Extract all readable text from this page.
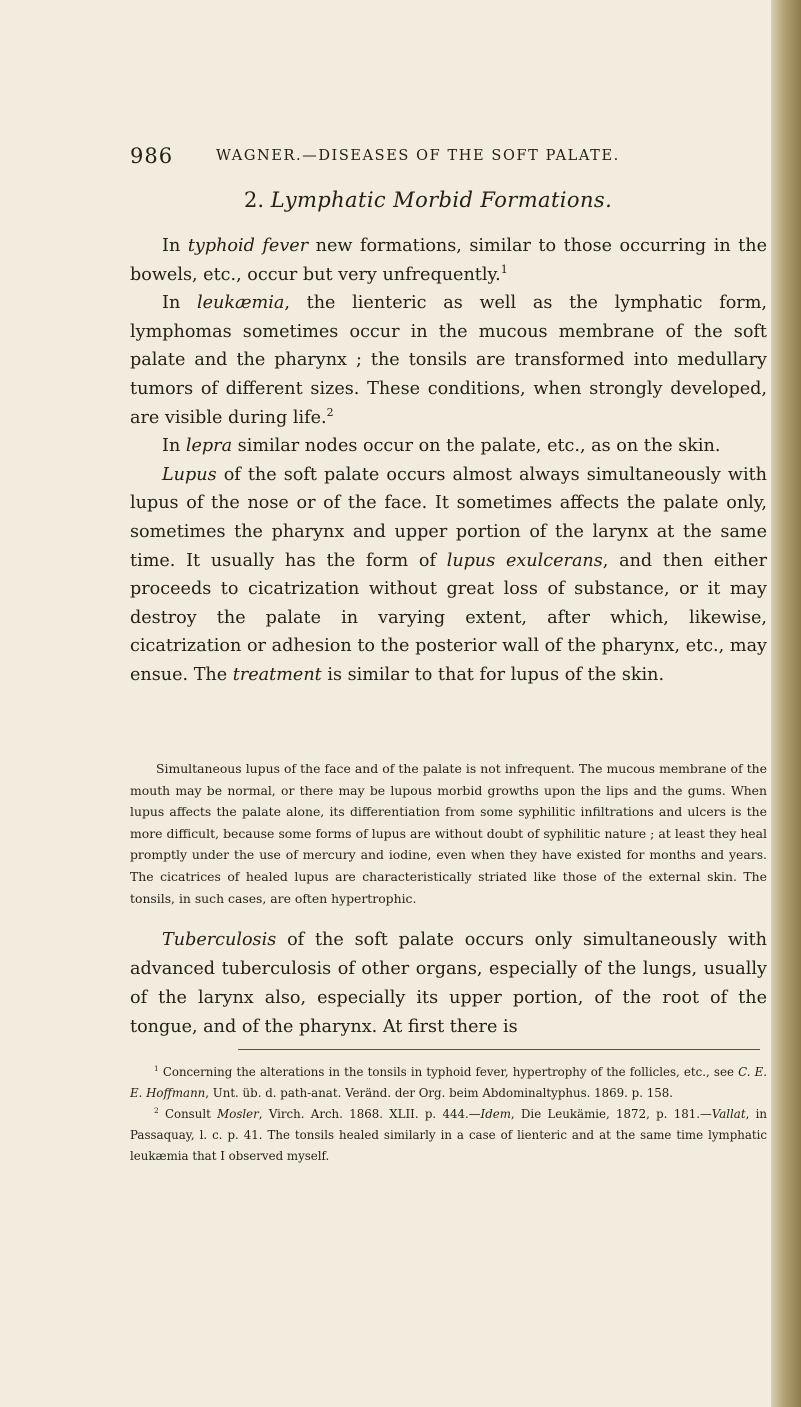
986	WAGNER.—DISEASES OF THE SOFT PALATE.
2. Lymphatic Morbid Formations.

In typhoid fever new formations, similar to those occurring in the bowels, etc., occur but very unfrequently.$^1$

In leukæmia, the lienteric as well as the lymphatic form, lymphomas sometimes occur in the mucous membrane of the soft palate and the pharynx ; the tonsils are transformed into medullary tumors of different sizes. These conditions, when strongly developed, are visible during life.$^2$

In lepra similar nodes occur on the palate, etc., as on the skin.

Lupus of the soft palate occurs almost always simultaneously with lupus of the nose or of the face. It sometimes affects the palate only, sometimes the pharynx and upper portion of the larynx at the same time. It usually has the form of lupus exulcerans, and then either proceeds to cicatrization without great loss of substance, or it may destroy the palate in varying extent, after which, likewise, cicatrization or adhesion to the posterior wall of the pharynx, etc., may ensue. The treatment is similar to that for lupus of the skin.

Simultaneous lupus of the face and of the palate is not infrequent. The mucous membrane of the mouth may be normal, or there may be lupous morbid growths upon the lips and the gums. When lupus affects the palate alone, its differentiation from some syphilitic infiltrations and ulcers is the more difficult, because some forms of lupus are without doubt of syphilitic nature ; at least they heal promptly under the use of mercury and iodine, even when they have existed for months and years. The cicatrices of healed lupus are characteristically striated like those of the external skin. The tonsils, in such cases, are often hypertrophic.

Tuberculosis of the soft palate occurs only simultaneously with advanced tuberculosis of other organs, especially of the lungs, usually of the larynx also, especially its upper portion, of the root of the tongue, and of the pharynx. At first there is

$^1$ Concerning the alterations in the tonsils in typhoid fever, hypertrophy of the follicles, etc., see C. E. E. Hoffmann, Unt. üb. d. path-anat. Veränd. der Org. beim Abdominaltyphus. 1869. p. 158.

$^2$ Consult Mosler, Virch. Arch. 1868. XLII. p. 444.—Idem, Die Leukämie, 1872, p. 181.—Vallat, in Passaquay, l. c. p. 41. The tonsils healed similarly in a case of lienteric and at the same time lymphatic leukæmia that I observed myself.
